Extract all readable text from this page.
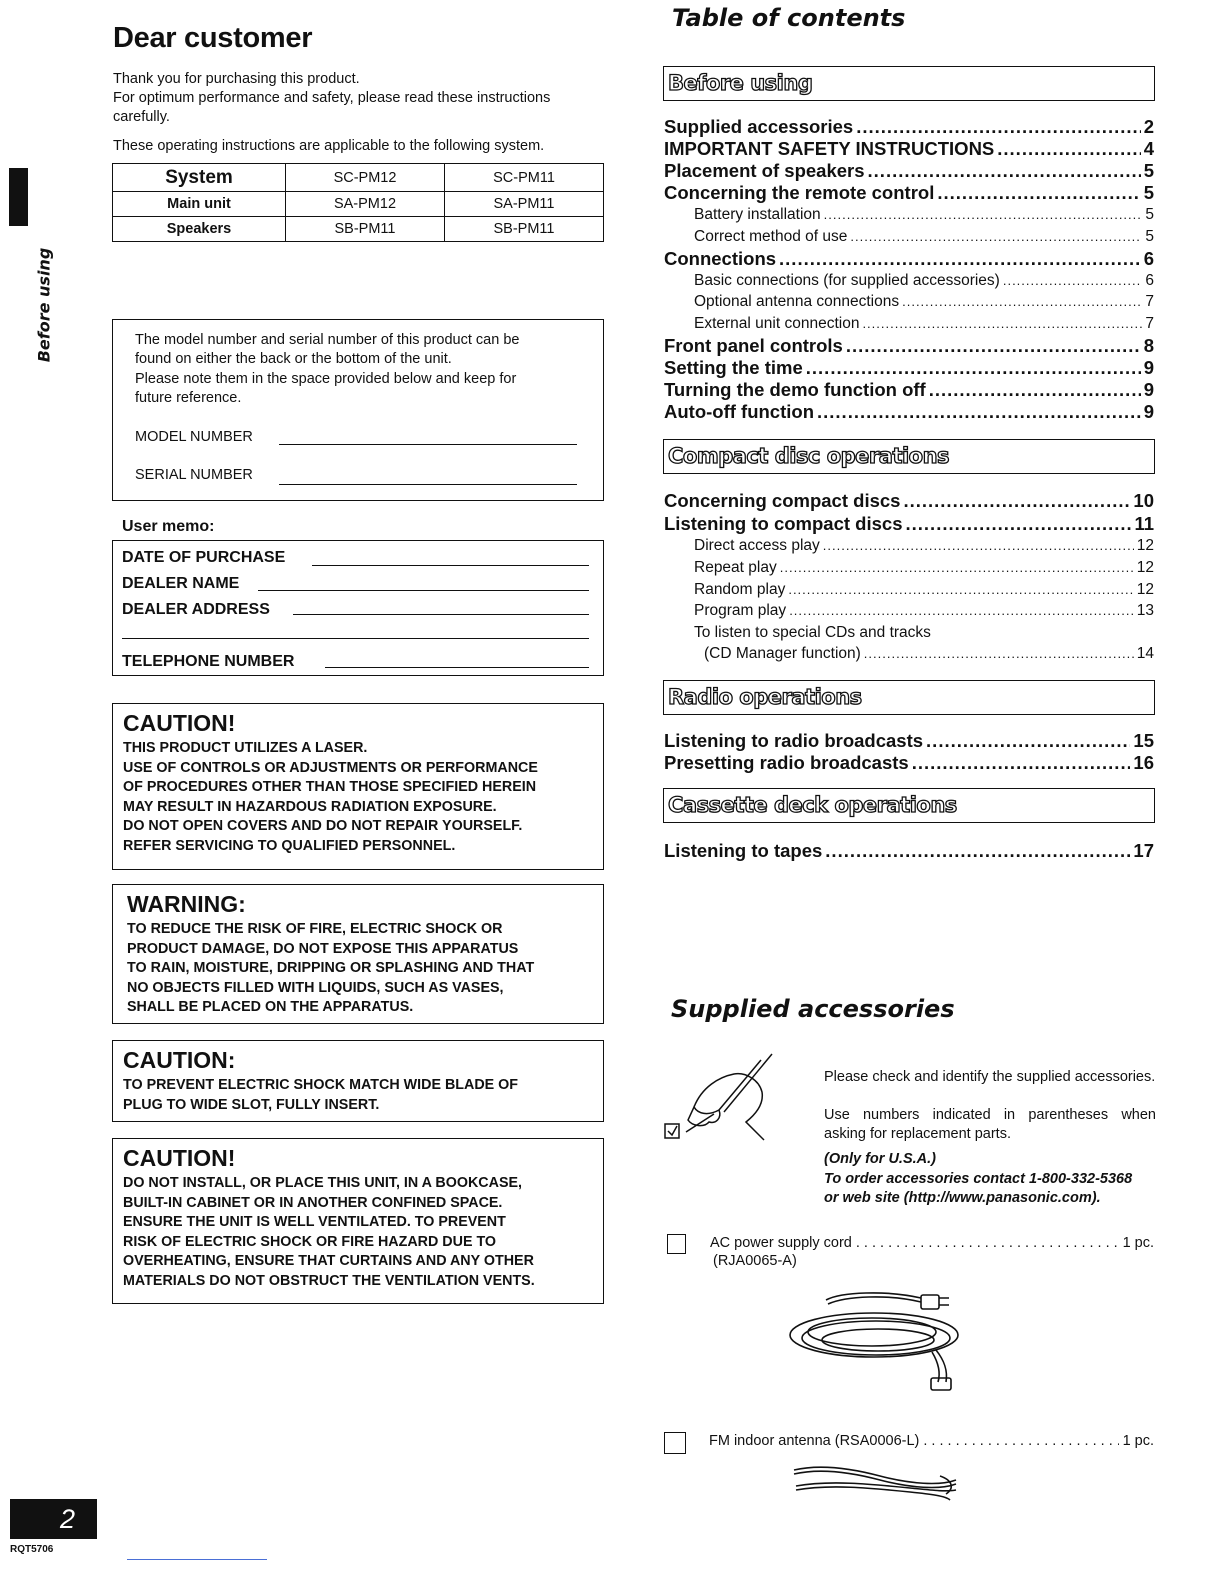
Dear customer
Thank you for purchasing this product.
For optimum performance and safety, please read these instructions
carefully.
These operating instructions are applicable to the following system.
System	SC-PM12	SC-PM11
Main unit	SA-PM12	SA-PM11
Speakers	SB-PM11	SB-PM11
The model number and serial number of this product can be
found on either the back or the bottom of the unit.
Please note them in the space provided below and keep for
future reference.
MODEL NUMBER
SERIAL NUMBER
User memo:
DATE OF PURCHASE
DEALER NAME
DEALER ADDRESS
TELEPHONE NUMBER
CAUTION!

THIS PRODUCT UTILIZES A LASER.

USE OF CONTROLS OR ADJUSTMENTS OR PERFORMANCE

OF PROCEDURES OTHER THAN THOSE SPECIFIED HEREIN

MAY RESULT IN HAZARDOUS RADIATION EXPOSURE.

DO NOT OPEN COVERS AND DO NOT REPAIR YOURSELF.

REFER SERVICING TO QUALIFIED PERSONNEL.

WARNING:

TO REDUCE THE RISK OF FIRE, ELECTRIC SHOCK OR

PRODUCT DAMAGE, DO NOT EXPOSE THIS APPARATUS

TO RAIN, MOISTURE, DRIPPING OR SPLASHING AND THAT

NO OBJECTS FILLED WITH LIQUIDS, SUCH AS VASES,

SHALL BE PLACED ON THE APPARATUS.

CAUTION:

TO PREVENT ELECTRIC SHOCK MATCH WIDE BLADE OF

PLUG TO WIDE SLOT, FULLY INSERT.

CAUTION!

DO NOT INSTALL, OR PLACE THIS UNIT, IN A BOOKCASE,

BUILT-IN CABINET OR IN ANOTHER CONFINED SPACE.

ENSURE THE UNIT IS WELL VENTILATED. TO PREVENT

RISK OF ELECTRIC SHOCK OR FIRE HAZARD DUE TO

OVERHEATING, ENSURE THAT CURTAINS AND ANY OTHER

MATERIALS DO NOT OBSTRUCT THE VENTILATION VENTS.

Before using
Table of contents
Before using
Supplied accessories .....	2
IMPORTANT SAFETY INSTRUCTIONS .....	4
Placement of speakers .....	5
Concerning the remote control .....	5
Battery installation .....	5
Correct method of use .....	5
Connections .....	6
Basic connections (for supplied accessories) .....	6
Optional antenna connections .....	7
External unit connection .....	7
Front panel controls .....	8
Setting the time .....	9
Turning the demo function off .....	9
Auto-off function .....	9
Compact disc operations
Concerning compact discs .....	10
Listening to compact discs .....	11
Direct access play .....	12
Repeat play .....	12
Random play .....	12
Program play .....	13
To listen to special CDs and tracks
(CD Manager function) .....	14
Radio operations
Listening to radio broadcasts .....	15
Presetting radio broadcasts .....	16
Cassette deck operations
Listening to tapes .....	17
Supplied accessories
Please check and identify the supplied accessories.
Use numbers indicated in parentheses when asking for replacement parts.
(Only for U.S.A.)
To order accessories contact 1-800-332-5368
or web site (http://www.panasonic.com).
AC power supply cord . . .	1 pc.
(RJA0065-A)
FM indoor antenna (RSA0006-L) . . .	1 pc.
2
RQT5706
